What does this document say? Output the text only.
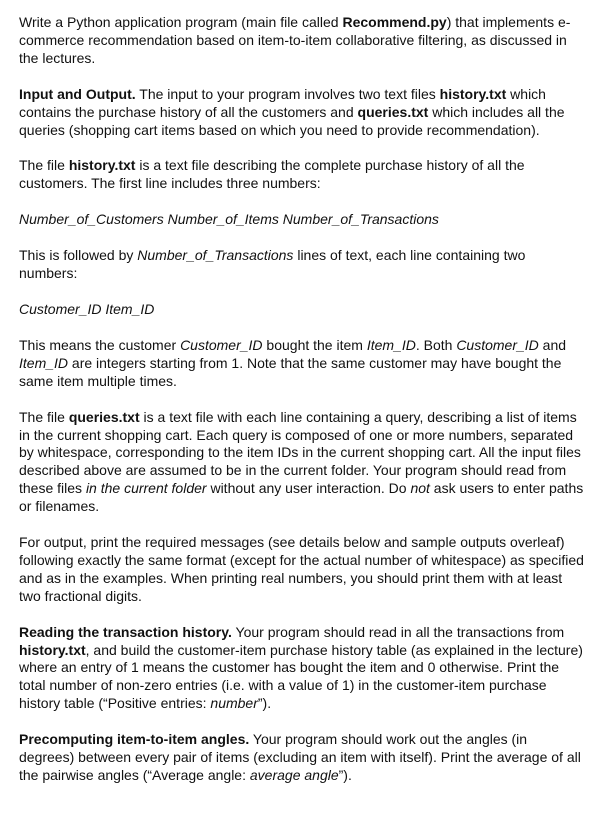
Write a Python application program (main file called Recommend.py) that implements e-commerce recommendation based on item-to-item collaborative filtering, as discussed in the lectures.

Input and Output. The input to your program involves two text files history.txt which contains the purchase history of all the customers and queries.txt which includes all the queries (shopping cart items based on which you need to provide recommendation).

The file history.txt is a text file describing the complete purchase history of all the customers. The first line includes three numbers:

Number_of_Customers Number_of_Items Number_of_Transactions

This is followed by Number_of_Transactions lines of text, each line containing two numbers:

Customer_ID Item_ID

This means the customer Customer_ID bought the item Item_ID. Both Customer_ID and Item_ID are integers starting from 1. Note that the same customer may have bought the same item multiple times.

The file queries.txt is a text file with each line containing a query, describing a list of items in the current shopping cart. Each query is composed of one or more numbers, separated by whitespace, corresponding to the item IDs in the current shopping cart. All the input files described above are assumed to be in the current folder. Your program should read from these files in the current folder without any user interaction. Do not ask users to enter paths or filenames.

For output, print the required messages (see details below and sample outputs overleaf) following exactly the same format (except for the actual number of whitespace) as specified and as in the examples. When printing real numbers, you should print them with at least two fractional digits.

Reading the transaction history. Your program should read in all the transactions from history.txt, and build the customer-item purchase history table (as explained in the lecture) where an entry of 1 means the customer has bought the item and 0 otherwise. Print the total number of non-zero entries (i.e. with a value of 1) in the customer-item purchase history table (“Positive entries: number”).

Precomputing item-to-item angles. Your program should work out the angles (in degrees) between every pair of items (excluding an item with itself). Print the average of all the pairwise angles (“Average angle: average angle”).
